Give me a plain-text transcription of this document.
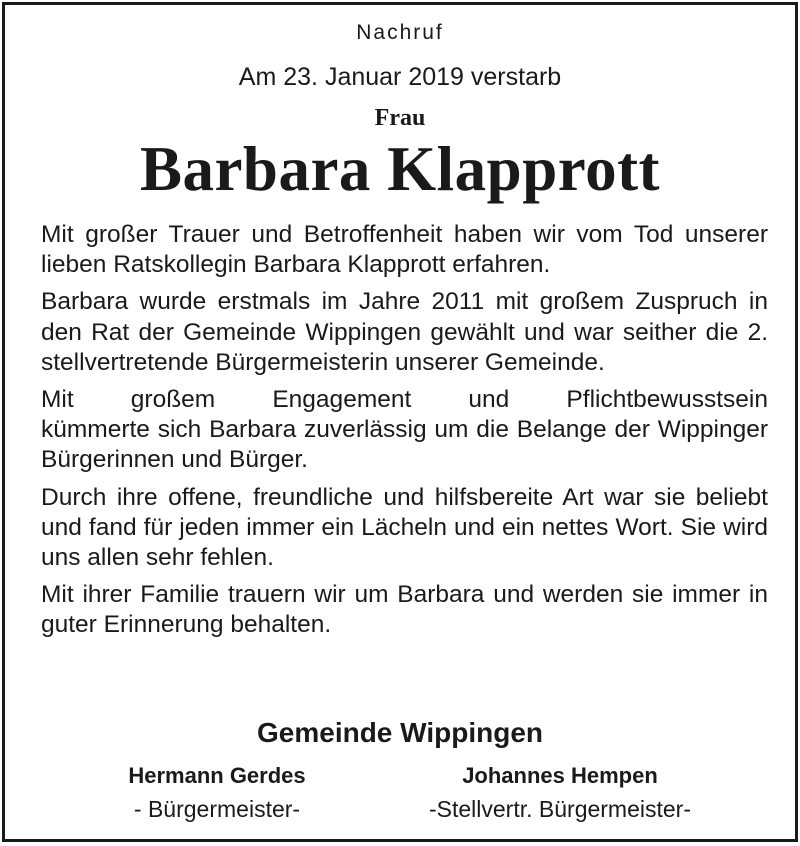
Nachruf
Am 23. Januar 2019 verstarb
Frau
Barbara Klapprott

Mit großer Trauer und Betroffenheit haben wir vom Tod unserer lieben Ratskollegin Barbara Klapprott erfahren.

Barbara wurde erstmals im Jahre 2011 mit großem Zuspruch in den Rat der Gemeinde Wippingen gewählt und war seither die 2. stellvertretende Bürgermeisterin unserer Gemeinde.

Mit großem Engagement und Pflichtbewusstsein
kümmerte sich Barbara zuverlässig um die Belange der Wippinger Bürgerinnen und Bürger.

Durch ihre offene, freundliche und hilfsbereite Art war sie beliebt und fand für jeden immer ein Lächeln und ein nettes Wort. Sie wird uns allen sehr fehlen.

Mit ihrer Familie trauern wir um Barbara und werden sie immer in guter Erinnerung behalten.

Gemeinde Wippingen
Hermann Gerdes
- Bürgermeister-
Johannes Hempen
-Stellvertr. Bürgermeister-
